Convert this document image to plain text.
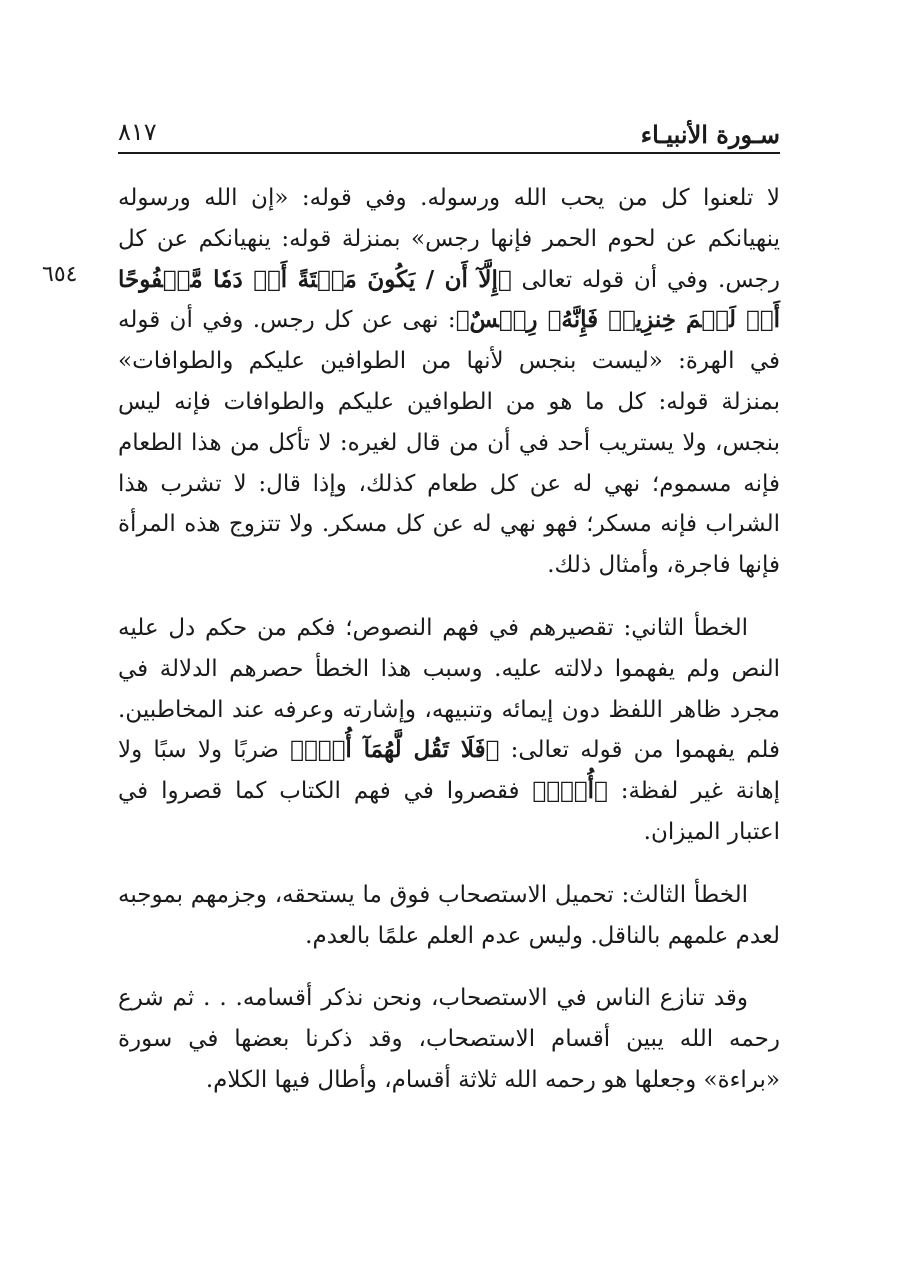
سـورة الأنبيـاء
٨١٧
٦٥٤

لا تلعنوا كل من يحب الله ورسوله. وفي قوله: «إن الله ورسوله ينهيانكم عن لحوم الحمر فإنها رجس» بمنزلة قوله: ينهيانكم عن كل رجس. وفي أن قوله تعالى ﴿إِلَّآ أَن / يَكُونَ مَيۡتَةً أَوۡ دَمٗا مَّسۡفُوحًا أَوۡ لَحۡمَ خِنزِيرٖ فَإِنَّهُۥ رِجۡسٌ﴾: نهى عن كل رجس. وفي أن قوله في الهرة: «ليست بنجس لأنها من الطوافين عليكم والطوافات» بمنزلة قوله: كل ما هو من الطوافين عليكم والطوافات فإنه ليس بنجس، ولا يستريب أحد في أن من قال لغيره: لا تأكل من هذا الطعام فإنه مسموم؛ نهي له عن كل طعام كذلك، وإذا قال: لا تشرب هذا الشراب فإنه مسكر؛ فهو نهي له عن كل مسكر. ولا تتزوج هذه المرأة فإنها فاجرة، وأمثال ذلك.

الخطأ الثاني: تقصيرهم في فهم النصوص؛ فكم من حكم دل عليه النص ولم يفهموا دلالته عليه. وسبب هذا الخطأ حصرهم الدلالة في مجرد ظاهر اللفظ دون إيمائه وتنبيهه، وإشارته وعرفه عند المخاطبين. فلم يفهموا من قوله تعالى: ﴿فَلَا تَقُل لَّهُمَآ أُفّٖ﴾ ضربًا ولا سبًا ولا إهانة غير لفظة: ﴿أُفّٖ﴾ فقصروا في فهم الكتاب كما قصروا في اعتبار الميزان.

الخطأ الثالث: تحميل الاستصحاب فوق ما يستحقه، وجزمهم بموجبه لعدم علمهم بالناقل. وليس عدم العلم علمًا بالعدم.

وقد تنازع الناس في الاستصحاب، ونحن نذكر أقسامه. . . ثم شرع رحمه الله يبين أقسام الاستصحاب، وقد ذكرنا بعضها في سورة «براءة» وجعلها هو رحمه الله ثلاثة أقسام، وأطال فيها الكلام.
